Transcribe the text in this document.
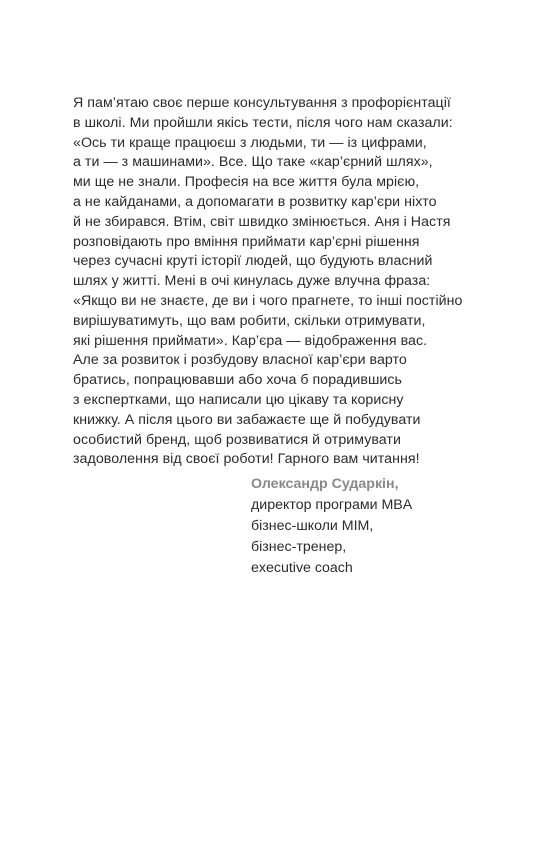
Я пам’ятаю своє перше консультування з профорієнтації
в школі. Ми пройшли якісь тести, після чого нам сказали:
«Ось ти краще працюєш з людьми, ти — із цифрами,
а ти — з машинами». Все. Що таке «кар’єрний шлях»,
ми ще не знали. Професія на все життя була мрією,
а не кайданами, а допомагати в розвитку кар’єри ніхто
й не збирався. Втім, світ швидко змінюється. Аня і Настя
розповідають про вміння приймати кар’єрні рішення
через сучасні круті історії людей, що будують власний
шлях у житті. Мені в очі кинулась дуже влучна фраза:
«Якщо ви не знаєте, де ви і чого прагнете, то інші постійно
вирішуватимуть, що вам робити, скільки отримувати,
які рішення приймати». Кар’єра — відображення вас.
Але за розвиток і розбудову власної кар’єри варто
братись, попрацювавши або хоча б порадившись
з експертками, що написали цю цікаву та корисну
книжку. А після цього ви забажаєте ще й побудувати
особистий бренд, щоб розвиватися й отримувати
задоволення від своєї роботи! Гарного вам читання!
Олександр Сударкін,
директор програми MBA
бізнес-школи МІМ,
бізнес-тренер,
executive coach
